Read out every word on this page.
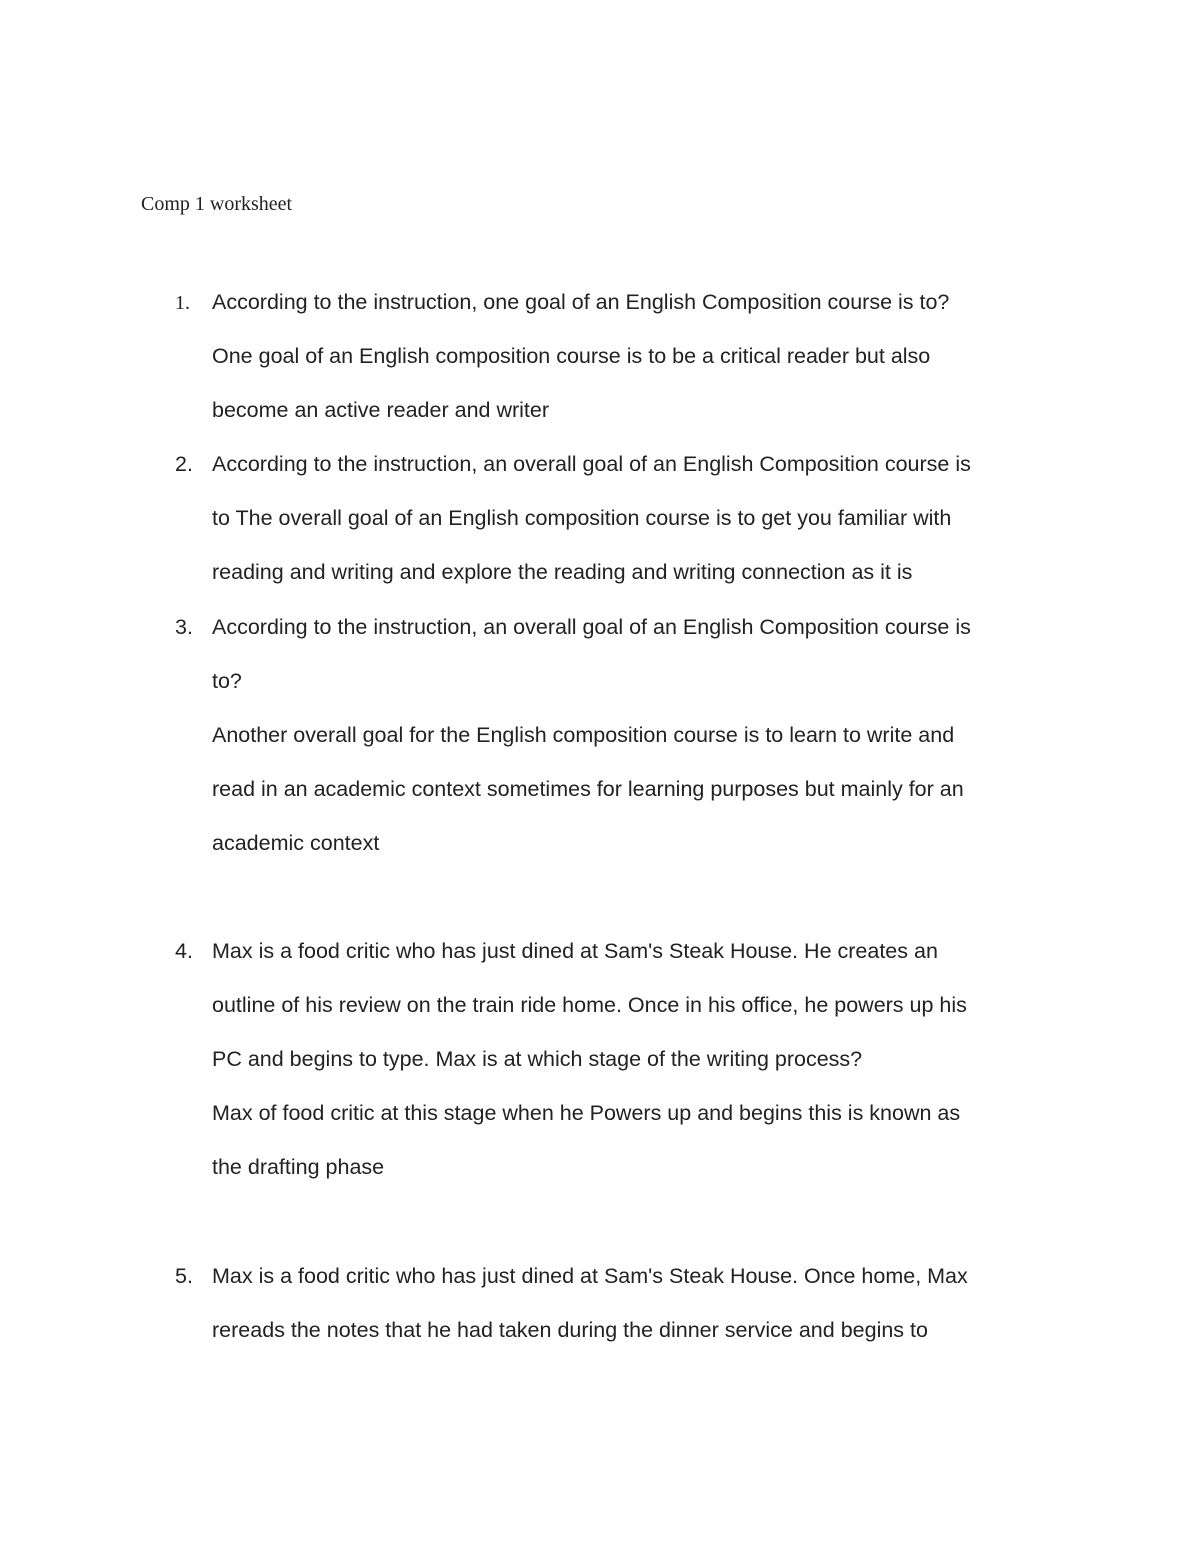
Comp 1 worksheet
1.	According to the instruction, one goal of an English Composition course is to?
One goal of an English composition course is to be a critical reader but also
become an active reader and writer
2. According to the instruction, an overall goal of an English Composition course is
to The overall goal of an English composition course is to get you familiar with
reading and writing and explore the reading and writing connection as it is
3. According to the instruction, an overall goal of an English Composition course is
to?
Another overall goal for the English composition course is to learn to write and
read in an academic context sometimes for learning purposes but mainly for an
academic context
4. Max is a food critic who has just dined at Sam's Steak House. He creates an
outline of his review on the train ride home. Once in his office, he powers up his
PC and begins to type. Max is at which stage of the writing process?
Max of food critic at this stage when he Powers up and begins this is known as
the drafting phase
5. Max is a food critic who has just dined at Sam's Steak House. Once home, Max
rereads the notes that he had taken during the dinner service and begins to
